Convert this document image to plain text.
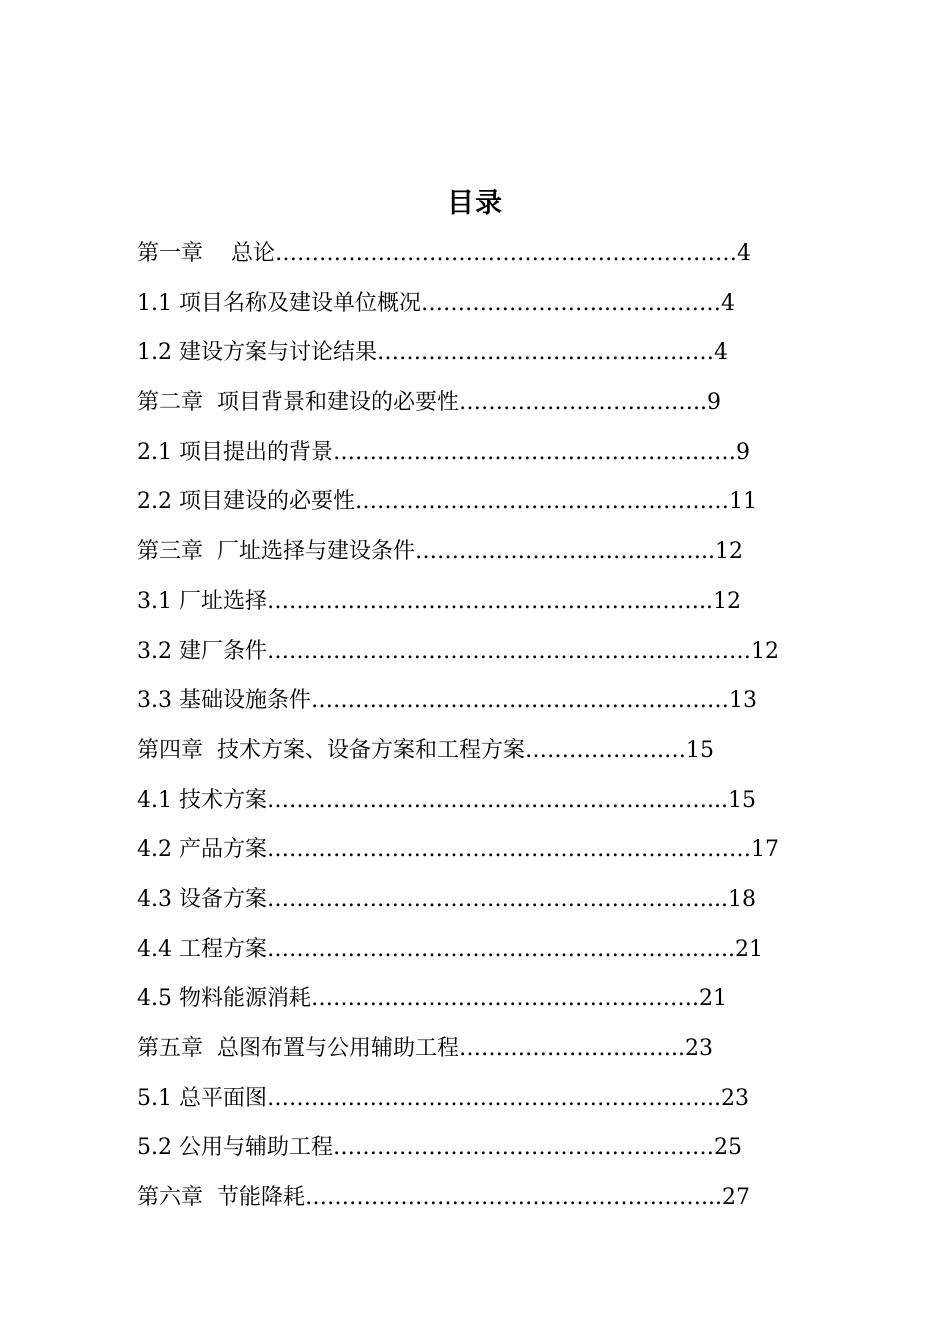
目录
第一章    总论………………………………………………………4
1.1 项目名称及建设单位概况……………………..……………4
1.2 建设方案与讨论结果…………………………….…………4
第二章  项目背景和建设的必要性……………………..……..9
2.1 项目提出的背景………………………………….……………9
2.2 项目建设的必要性……………………………………………11
第三章  厂址选择与建设条件…………………………………..12
3.1 厂址选择……………………………………………..……..12
3.2 建厂条件…………………………………………………………12
3.3 基础设施条件…………………………………………………13
第四章  技术方案、设备方案和工程方案……………….…15
4.1 技术方案……………………………………………………...15
4.2 产品方案…………………………………………………………17
4.3 设备方案……………………………………………………...18
4.4 工程方案…………………………………………………..…..21
4.5 物料能源消耗……………………………………….…….21
第五章  总图布置与公用辅助工程……………………..…..23
5.1 总平面图……………………………………………………..23
5.2 公用与辅助工程……………………………………….……25
第六章  节能降耗………………………………………………...27
